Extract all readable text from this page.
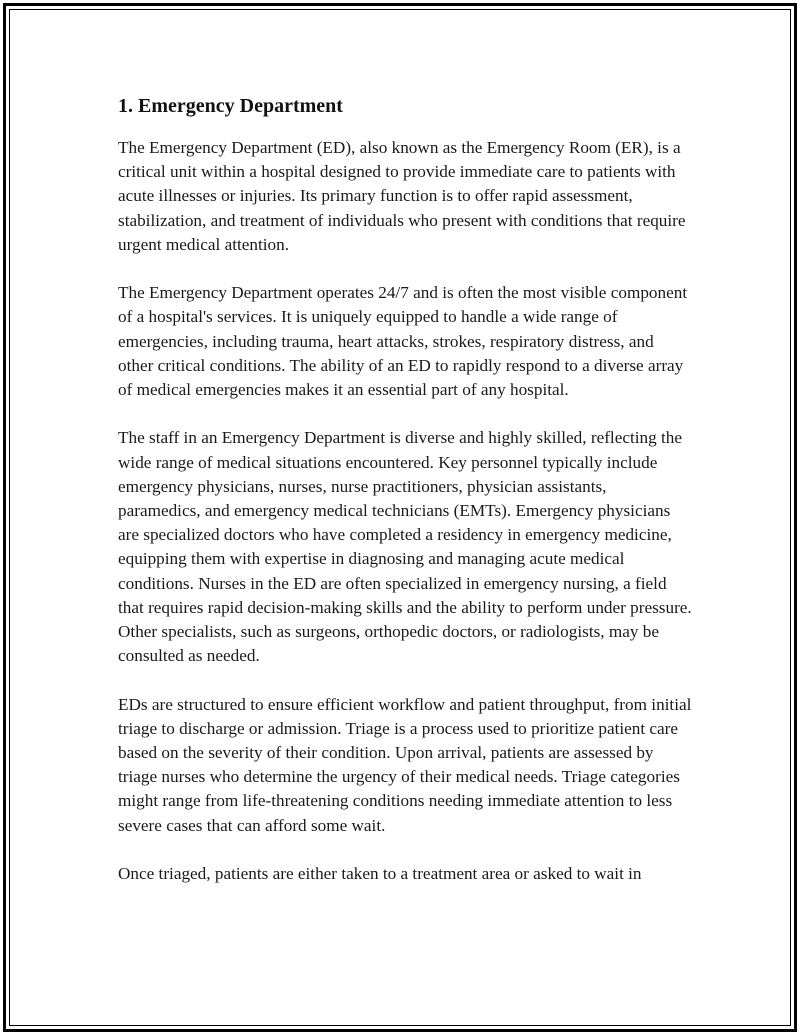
1. Emergency Department

The Emergency Department (ED), also known as the Emergency Room (ER), is a critical unit within a hospital designed to provide immediate care to patients with acute illnesses or injuries. Its primary function is to offer rapid assessment, stabilization, and treatment of individuals who present with conditions that require urgent medical attention.

The Emergency Department operates 24/7 and is often the most visible component of a hospital's services. It is uniquely equipped to handle a wide range of emergencies, including trauma, heart attacks, strokes, respiratory distress, and other critical conditions. The ability of an ED to rapidly respond to a diverse array of medical emergencies makes it an essential part of any hospital.

The staff in an Emergency Department is diverse and highly skilled, reflecting the wide range of medical situations encountered. Key personnel typically include emergency physicians, nurses, nurse practitioners, physician assistants, paramedics, and emergency medical technicians (EMTs). Emergency physicians are specialized doctors who have completed a residency in emergency medicine, equipping them with expertise in diagnosing and managing acute medical conditions. Nurses in the ED are often specialized in emergency nursing, a field that requires rapid decision-making skills and the ability to perform under pressure. Other specialists, such as surgeons, orthopedic doctors, or radiologists, may be consulted as needed.

EDs are structured to ensure efficient workflow and patient throughput, from initial triage to discharge or admission. Triage is a process used to prioritize patient care based on the severity of their condition. Upon arrival, patients are assessed by triage nurses who determine the urgency of their medical needs. Triage categories might range from life-threatening conditions needing immediate attention to less severe cases that can afford some wait.

Once triaged, patients are either taken to a treatment area or asked to wait in
